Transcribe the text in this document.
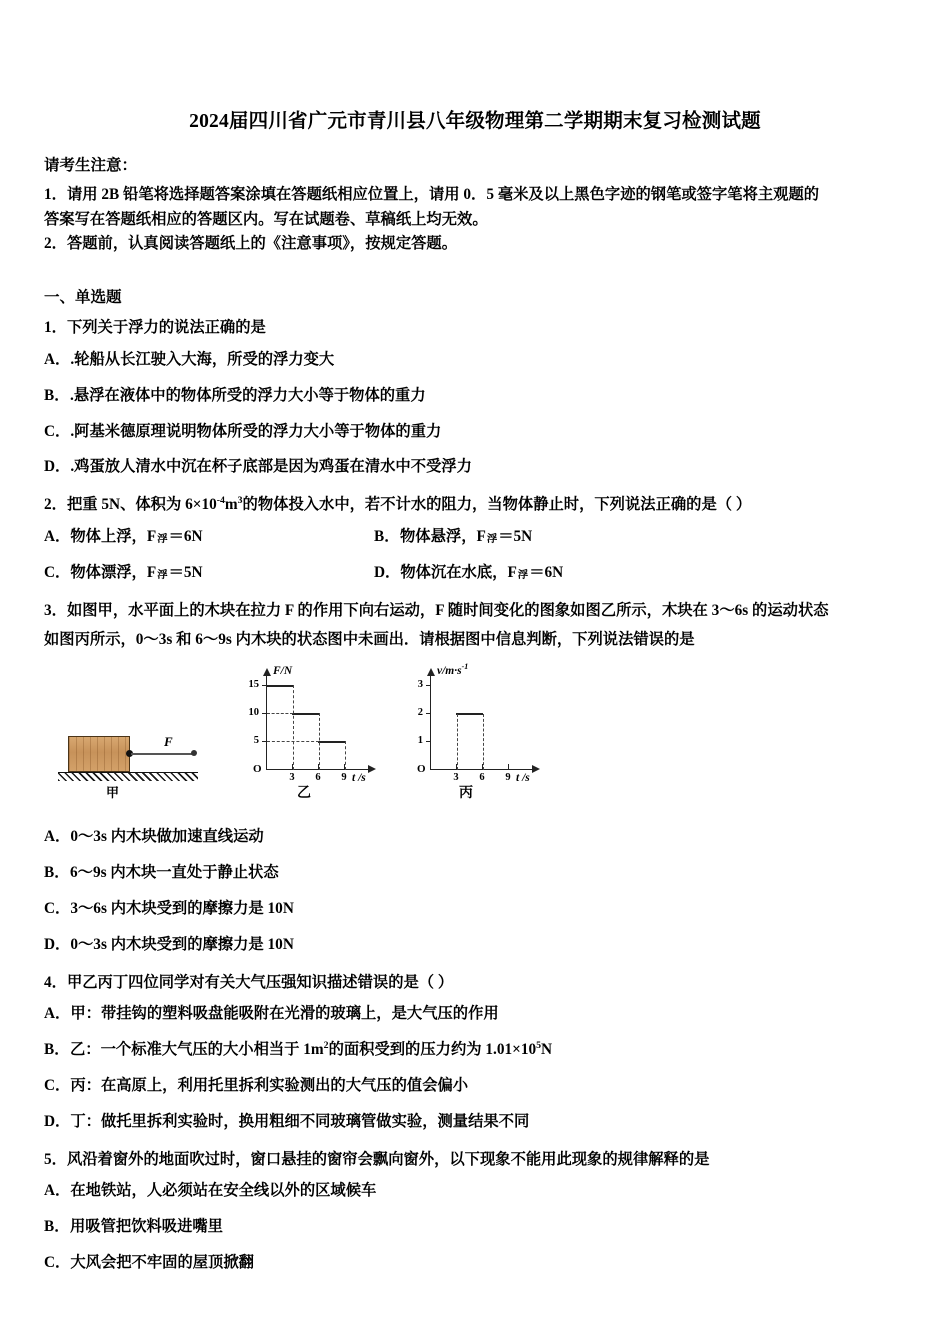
2024届四川省广元市青川县八年级物理第二学期期末复习检测试题
请考生注意：
1．请用 2B 铅笔将选择题答案涂填在答题纸相应位置上，请用 0．5 毫米及以上黑色字迹的钢笔或签字笔将主观题的
答案写在答题纸相应的答题区内。写在试题卷、草稿纸上均无效。
2．答题前，认真阅读答题纸上的《注意事项》，按规定答题。
一、单选题
1．下列关于浮力的说法正确的是
A．.轮船从长江驶入大海，所受的浮力变大
B．.悬浮在液体中的物体所受的浮力大小等于物体的重力
C．.阿基米德原理说明物体所受的浮力大小等于物体的重力
D．.鸡蛋放人清水中沉在杯子底部是因为鸡蛋在清水中不受浮力
2．把重 5N、体积为 $6\times 10^{-4}m^3$的物体投入水中，若不计水的阻力，当物体静止时，下列说法正确的是（ ）
A．物体上浮，F浮＝6N	B．物体悬浮，F浮＝5N
C．物体漂浮，F浮＝5N	D．物体沉在水底，F浮＝6N
3．如图甲，水平面上的木块在拉力 F 的作用下向右运动，F 随时间变化的图象如图乙所示，木块在 3～6s 的运动状态
如图丙所示，0～3s 和 6～9s 内木块的状态图中未画出．请根据图中信息判断，下列说法错误的是
F
甲
F/N
t /s
O
15
10
5
3	6	9
乙
$v/m\cdot s^{-1}$
t /s
O
3
2
1
3	6	9
丙
A．0～3s 内木块做加速直线运动
B．6～9s 内木块一直处于静止状态
C．3～6s 内木块受到的摩擦力是 10N
D．0～3s 内木块受到的摩擦力是 10N
4．甲乙丙丁四位同学对有关大气压强知识描述错误的是（ ）
A．甲：带挂钩的塑料吸盘能吸附在光滑的玻璃上，是大气压的作用
B．乙：一个标准大气压的大小相当于 $1m^2$的面积受到的压力约为 $1.01\times 10^5N$
C．丙：在高原上，利用托里拆利实验测出的大气压的值会偏小
D．丁：做托里拆利实验时，换用粗细不同玻璃管做实验，测量结果不同
5．风沿着窗外的地面吹过时，窗口悬挂的窗帘会飘向窗外，以下现象不能用此现象的规律解释的是
A．在地铁站，人必须站在安全线以外的区域候车
B．用吸管把饮料吸进嘴里
C．大风会把不牢固的屋顶掀翻
